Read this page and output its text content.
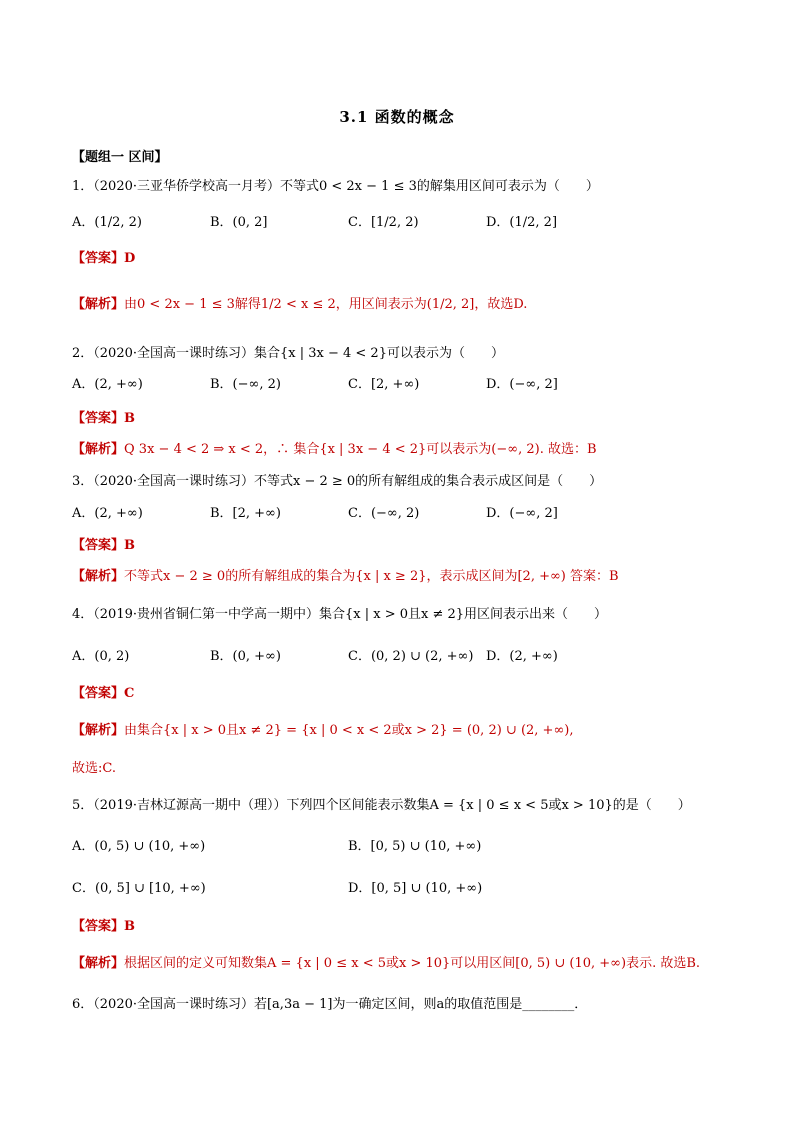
3.1 函数的概念
【题组一 区间】
1．（2020·三亚华侨学校高一月考）不等式0 < 2x − 1 ≤ 3的解集用区间可表示为（　　）
A．(1/2, 2)	B．(0, 2]	C．[1/2, 2)	D．(1/2, 2]
【答案】D
【解析】由0 < 2x − 1 ≤ 3解得1/2 < x ≤ 2，用区间表示为(1/2, 2]，故选D.
2．（2020·全国高一课时练习）集合{x | 3x − 4 < 2}可以表示为（　　）
A．(2, +∞)	B．(−∞, 2)	C．[2, +∞)	D．(−∞, 2]
【答案】B
【解析】Q 3x − 4 < 2 ⇒ x < 2，∴ 集合{x | 3x − 4 < 2}可以表示为(−∞, 2). 故选：B
3．（2020·全国高一课时练习）不等式x − 2 ≥ 0的所有解组成的集合表示成区间是（　　）
A．(2, +∞)	B．[2, +∞)	C．(−∞, 2)	D．(−∞, 2]
【答案】B
【解析】不等式x − 2 ≥ 0的所有解组成的集合为{x | x ≥ 2}，表示成区间为[2, +∞) 答案：B
4．（2019·贵州省铜仁第一中学高一期中）集合{x | x > 0且x ≠ 2}用区间表示出来（　　）
A．(0, 2)	B．(0, +∞)	C．(0, 2) ∪ (2, +∞) D．(2, +∞)
【答案】C
【解析】由集合{x | x > 0且x ≠ 2} = {x | 0 < x < 2或x > 2} = (0, 2) ∪ (2, +∞),
故选:C.
5．（2019·吉林辽源高一期中（理））下列四个区间能表示数集A = {x | 0 ≤ x < 5或x > 10}的是（　　）
A．(0, 5) ∪ (10, +∞)	B．[0, 5) ∪ (10, +∞)
C．(0, 5] ∪ [10, +∞)	D．[0, 5] ∪ (10, +∞)
【答案】B
【解析】根据区间的定义可知数集A = {x | 0 ≤ x < 5或x > 10}可以用区间[0, 5) ∪ (10, +∞)表示. 故选B.
6．（2020·全国高一课时练习）若[a,3a − 1]为一确定区间，则a的取值范围是________．
